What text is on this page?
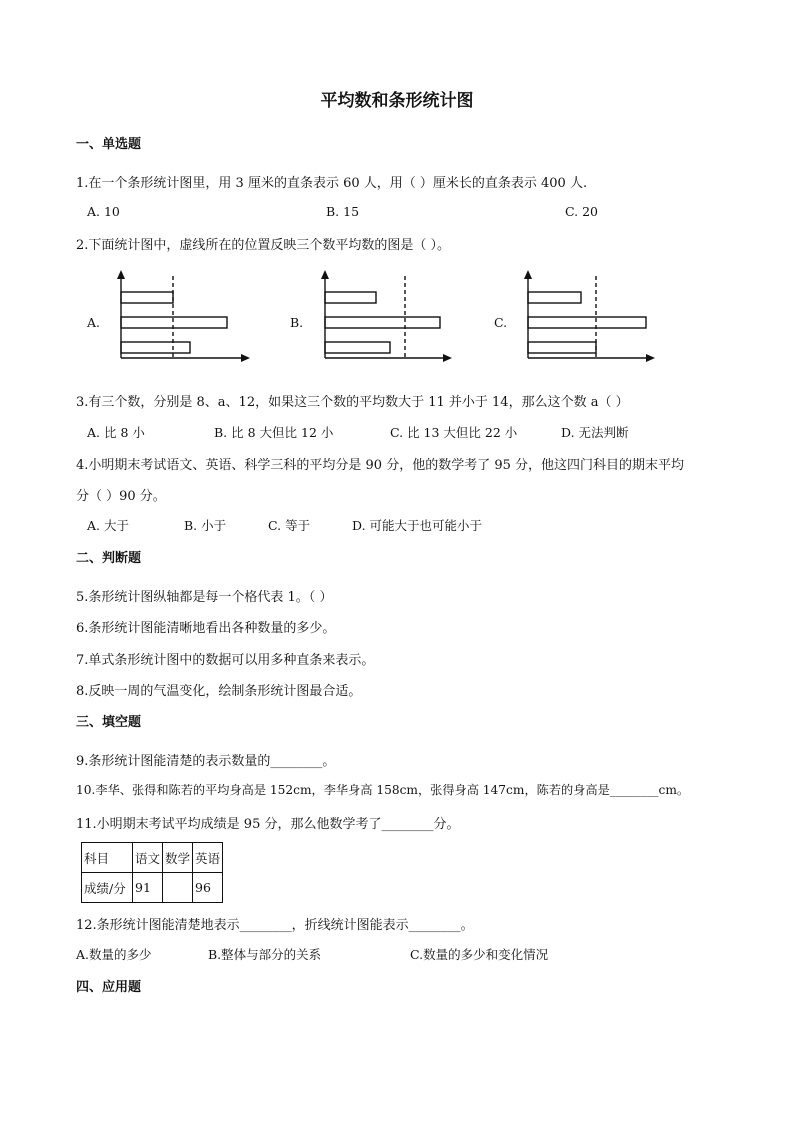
平均数和条形统计图
一、单选题
1.在一个条形统计图里，用 3 厘米的直条表示 60 人，用（ ）厘米长的直条表示 400 人.
A. 10	B. 15	C. 20
2.下面统计图中，虚线所在的位置反映三个数平均数的图是（ ）。
A.	B.	C.
3.有三个数，分别是 8、a、12，如果这三个数的平均数大于 11 并小于 14，那么这个数 a（ ）
A. 比 8 小	B. 比 8 大但比 12 小	C. 比 13 大但比 22 小	D. 无法判断
4.小明期末考试语文、英语、科学三科的平均分是 90 分，他的数学考了 95 分，他这四门科目的期末平均
分（ ）90 分。
A. 大于	B. 小于	C. 等于	D. 可能大于也可能小于
二、判断题
5.条形统计图纵轴都是每一个格代表 1。（ ）
6.条形统计图能清晰地看出各种数量的多少。
7.单式条形统计图中的数据可以用多种直条来表示。
8.反映一周的气温变化，绘制条形统计图最合适。
三、填空题
9.条形统计图能清楚的表示数量的________。
10.李华、张得和陈若的平均身高是 152cm，李华身高 158cm，张得身高 147cm，陈若的身高是________cm。
11.小明期末考试平均成绩是 95 分，那么他数学考了________分。
科目	语文	数学	英语
成绩/分	91		96
12.条形统计图能清楚地表示________，折线统计图能表示________。
A.数量的多少	B.整体与部分的关系	C.数量的多少和变化情况
四、应用题
